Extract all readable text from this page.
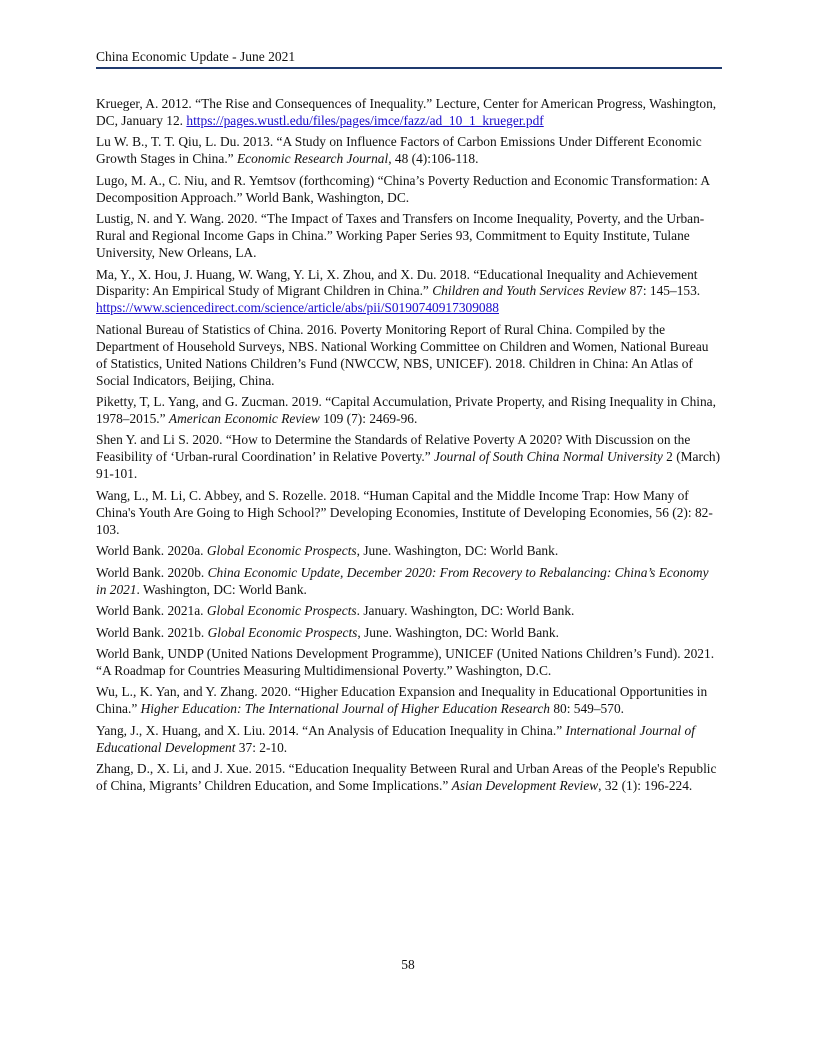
China Economic Update - June 2021

Krueger, A. 2012. “The Rise and Consequences of Inequality.” Lecture, Center for American Progress, Washington, DC, January 12. https://pages.wustl.edu/files/pages/imce/fazz/ad_10_1_krueger.pdf

Lu W. B., T. T. Qiu, L. Du. 2013. “A Study on Influence Factors of Carbon Emissions Under Different Economic Growth Stages in China.” Economic Research Journal, 48 (4):106-118.

Lugo, M. A., C. Niu, and R. Yemtsov (forthcoming) “China’s Poverty Reduction and Economic Transformation: A Decomposition Approach.” World Bank, Washington, DC.

Lustig, N. and Y. Wang. 2020. “The Impact of Taxes and Transfers on Income Inequality, Poverty, and the Urban-Rural and Regional Income Gaps in China.” Working Paper Series 93, Commitment to Equity Institute, Tulane University, New Orleans, LA.

Ma, Y., X. Hou, J. Huang, W. Wang, Y. Li, X. Zhou, and X. Du. 2018. “Educational Inequality and Achievement Disparity: An Empirical Study of Migrant Children in China.” Children and Youth Services Review 87: 145–153. https://www.sciencedirect.com/science/article/abs/pii/S0190740917309088

National Bureau of Statistics of China. 2016. Poverty Monitoring Report of Rural China. Compiled by the Department of Household Surveys, NBS. National Working Committee on Children and Women, National Bureau of Statistics, United Nations Children’s Fund (NWCCW, NBS, UNICEF). 2018. Children in China: An Atlas of Social Indicators, Beijing, China.

Piketty, T, L. Yang, and G. Zucman. 2019. “Capital Accumulation, Private Property, and Rising Inequality in China, 1978–2015.” American Economic Review 109 (7): 2469-96.

Shen Y. and Li S. 2020. “How to Determine the Standards of Relative Poverty A 2020? With Discussion on the Feasibility of ‘Urban-rural Coordination’ in Relative Poverty.” Journal of South China Normal University 2 (March) 91-101.

Wang, L., M. Li, C. Abbey, and S. Rozelle. 2018. “Human Capital and the Middle Income Trap: How Many of China's Youth Are Going to High School?” Developing Economies, Institute of Developing Economies, 56 (2): 82-103.

World Bank. 2020a. Global Economic Prospects, June. Washington, DC: World Bank.

World Bank. 2020b. China Economic Update, December 2020: From Recovery to Rebalancing: China’s Economy in 2021. Washington, DC: World Bank.

World Bank. 2021a. Global Economic Prospects. January. Washington, DC: World Bank.

World Bank. 2021b. Global Economic Prospects, June. Washington, DC: World Bank.

World Bank, UNDP (United Nations Development Programme), UNICEF (United Nations Children’s Fund). 2021. “A Roadmap for Countries Measuring Multidimensional Poverty.” Washington, D.C.

Wu, L., K. Yan, and Y. Zhang. 2020. “Higher Education Expansion and Inequality in Educational Opportunities in China.” Higher Education: The International Journal of Higher Education Research 80: 549–570.

Yang, J., X. Huang, and X. Liu. 2014. “An Analysis of Education Inequality in China.” International Journal of Educational Development 37: 2-10.

Zhang, D., X. Li, and J. Xue. 2015. “Education Inequality Between Rural and Urban Areas of the People's Republic of China, Migrants’ Children Education, and Some Implications.” Asian Development Review, 32 (1): 196-224.

58
